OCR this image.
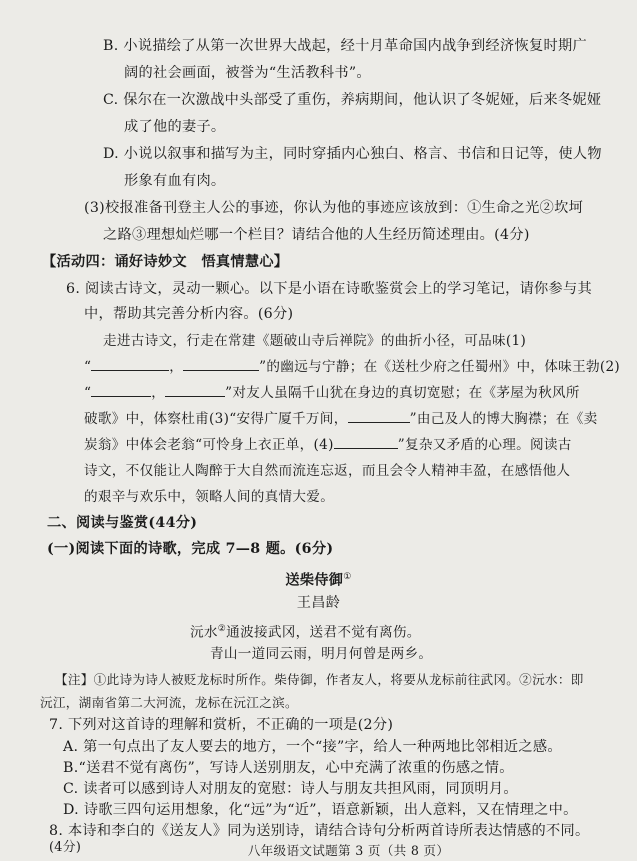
B. 小说描绘了从第一次世界大战起，经十月革命国内战争到经济恢复时期广
阔的社会画面，被誉为“生活教科书”。
C. 保尔在一次激战中头部受了重伤，养病期间，他认识了冬妮娅，后来冬妮娅
成了他的妻子。
D. 小说以叙事和描写为主，同时穿插内心独白、格言、书信和日记等，使人物
形象有血有肉。
(3)校报准备刊登主人公的事迹，你认为他的事迹应该放到：①生命之光②坎坷
之路③理想灿烂哪一个栏目？请结合他的人生经历简述理由。(4分)
【活动四：诵好诗妙文　悟真情慧心】
6. 阅读古诗文，灵动一颗心。以下是小语在诗歌鉴赏会上的学习笔记，请你参与其
中，帮助其完善分析内容。(6分)
走进古诗文，行走在常建《题破山寺后禅院》的曲折小径，可品味(1)
“	，	”的幽远与宁静；在《送杜少府之任蜀州》中，体味王勃(2)
“	，	”对友人虽隔千山犹在身边的真切宽慰；在《茅屋为秋风所
破歌》中，体察杜甫(3)“安得广厦千万间，	”由己及人的博大胸襟；在《卖
炭翁》中体会老翁“可怜身上衣正单，(4)	”复杂又矛盾的心理。阅读古
诗文，不仅能让人陶醉于大自然而流连忘返，而且会令人精神丰盈，在感悟他人
的艰辛与欢乐中，领略人间的真情大爱。
二、阅读与鉴赏(44分)
(一)阅读下面的诗歌，完成 7—8 题。(6分)
送柴侍御①
王昌龄
沅水②通波接武冈，送君不觉有离伤。
青山一道同云雨，明月何曾是两乡。
【注】①此诗为诗人被贬龙标时所作。柴侍御，作者友人，将要从龙标前往武冈。②沅水：即
沅江，湖南省第二大河流，龙标在沅江之滨。
7. 下列对这首诗的理解和赏析，不正确的一项是(2分)
A. 第一句点出了友人要去的地方，一个“接”字，给人一种两地比邻相近之感。
B.“送君不觉有离伤”，写诗人送别朋友，心中充满了浓重的伤感之情。
C. 读者可以感到诗人对朋友的宽慰：诗人与朋友共担风雨，同顶明月。
D. 诗歌三四句运用想象，化“远”为“近”，语意新颖，出人意料，又在情理之中。
8. 本诗和李白的《送友人》同为送别诗，请结合诗句分析两首诗所表达情感的不同。
(4分)	八年级语文试题第 3 页（共 8 页）
